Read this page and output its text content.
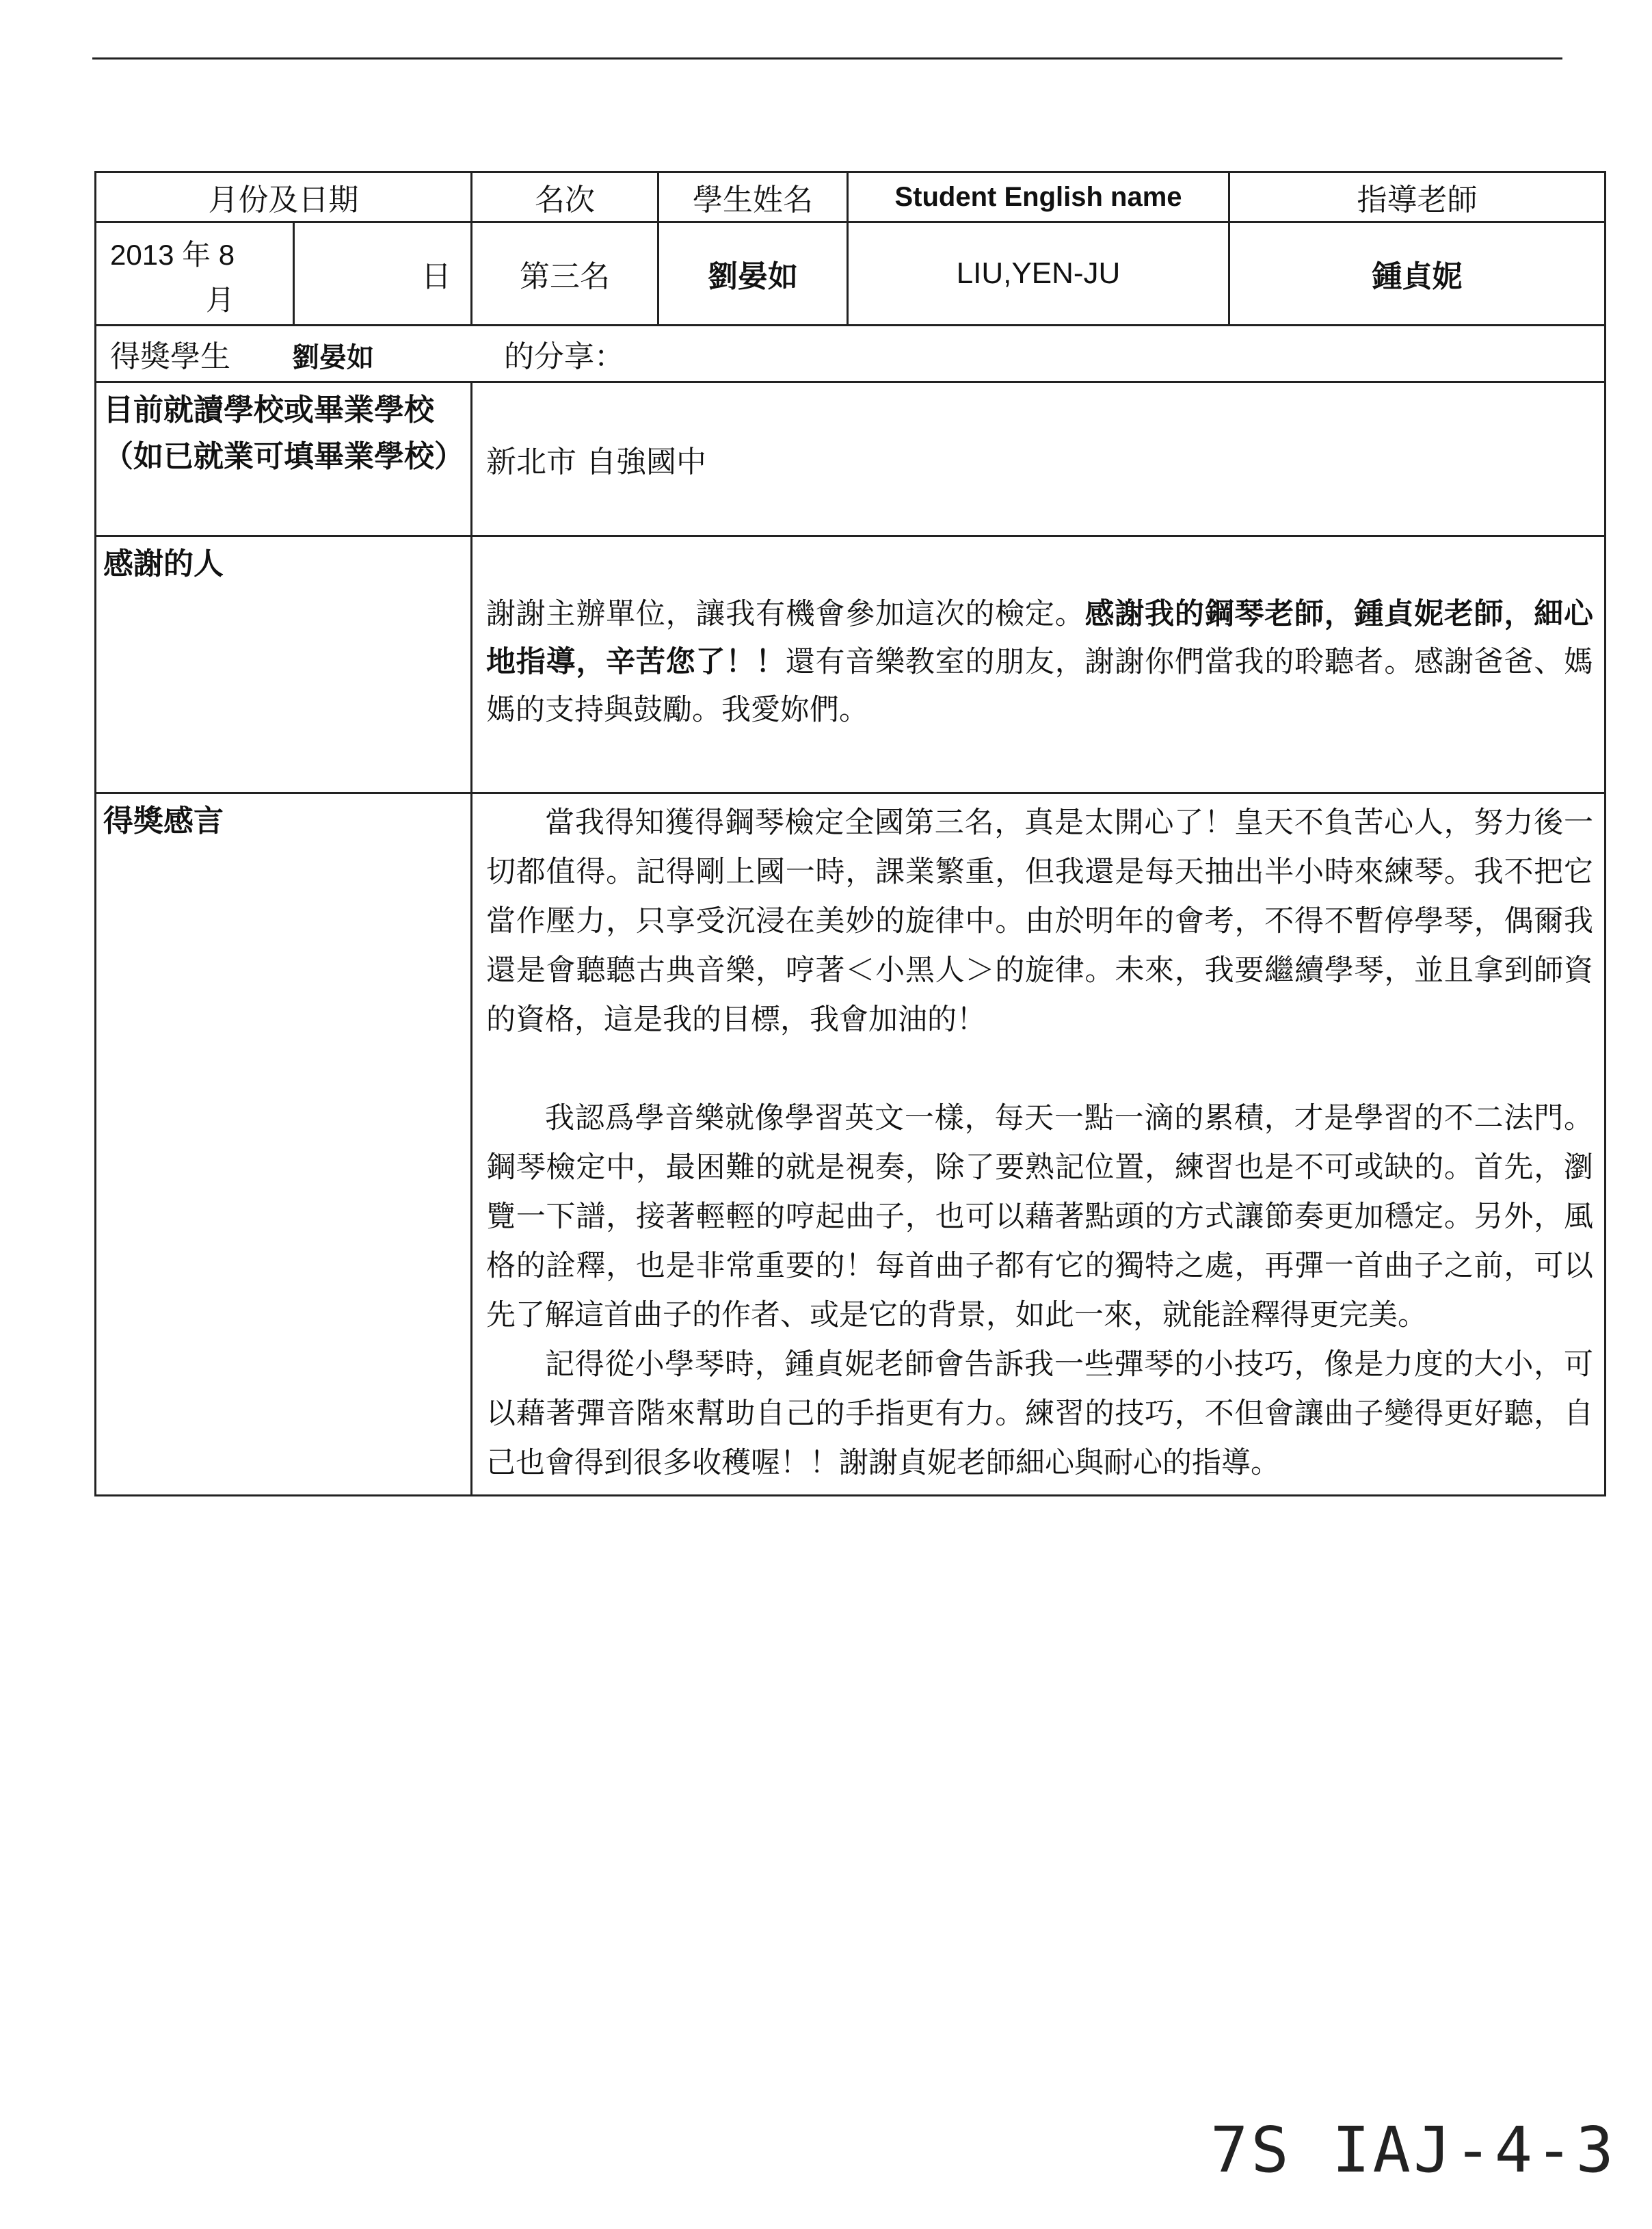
月份及日期		名次	學生姓名	Student English name	指導老師

2013 年 8
月	日	第三名	劉晏如	LIU,YEN-JU	鍾貞妮
得獎學生 劉晏如 的分享：					
目前就讀學校或畢業學校（如已就業可填畢業學校）		新北市 自強國中			
感謝的人		謝謝主辦單位，讓我有機會參加這次的檢定。感謝我的鋼琴老師，鍾貞妮老師，細心地指導，辛苦您了！！還有音樂教室的朋友，謝謝你們當我的聆聽者。感謝爸爸、媽媽的支持與鼓勵。我愛妳們。			
得獎感言		當我得知獲得鋼琴檢定全國第三名，真是太開心了！皇天不負苦心人，努力後一切都值得。記得剛上國一時，課業繁重，但我還是每天抽出半小時來練琴。我不把它當作壓力，只享受沉浸在美妙的旋律中。由於明年的會考，不得不暫停學琴，偶爾我還是會聽聽古典音樂，哼著＜小黑人＞的旋律。未來，我要繼續學琴，並且拿到師資的資格，這是我的目標，我會加油的！

我認爲學音樂就像學習英文一樣，每天一點一滴的累積，才是學習的不二法門。鋼琴檢定中，最困難的就是視奏，除了要熟記位置，練習也是不可或缺的。首先，瀏覽一下譜，接著輕輕的哼起曲子，也可以藉著點頭的方式讓節奏更加穩定。另外，風格的詮釋，也是非常重要的！每首曲子都有它的獨特之處，再彈一首曲子之前，可以先了解這首曲子的作者、或是它的背景，如此一來，就能詮釋得更完美。

記得從小學琴時，鍾貞妮老師會告訴我一些彈琴的小技巧，像是力度的大小，可以藉著彈音階來幫助自己的手指更有力。練習的技巧，不但會讓曲子變得更好聽，自己也會得到很多收穫喔！！謝謝貞妮老師細心與耐心的指導。			

7S IAJ-4-3
